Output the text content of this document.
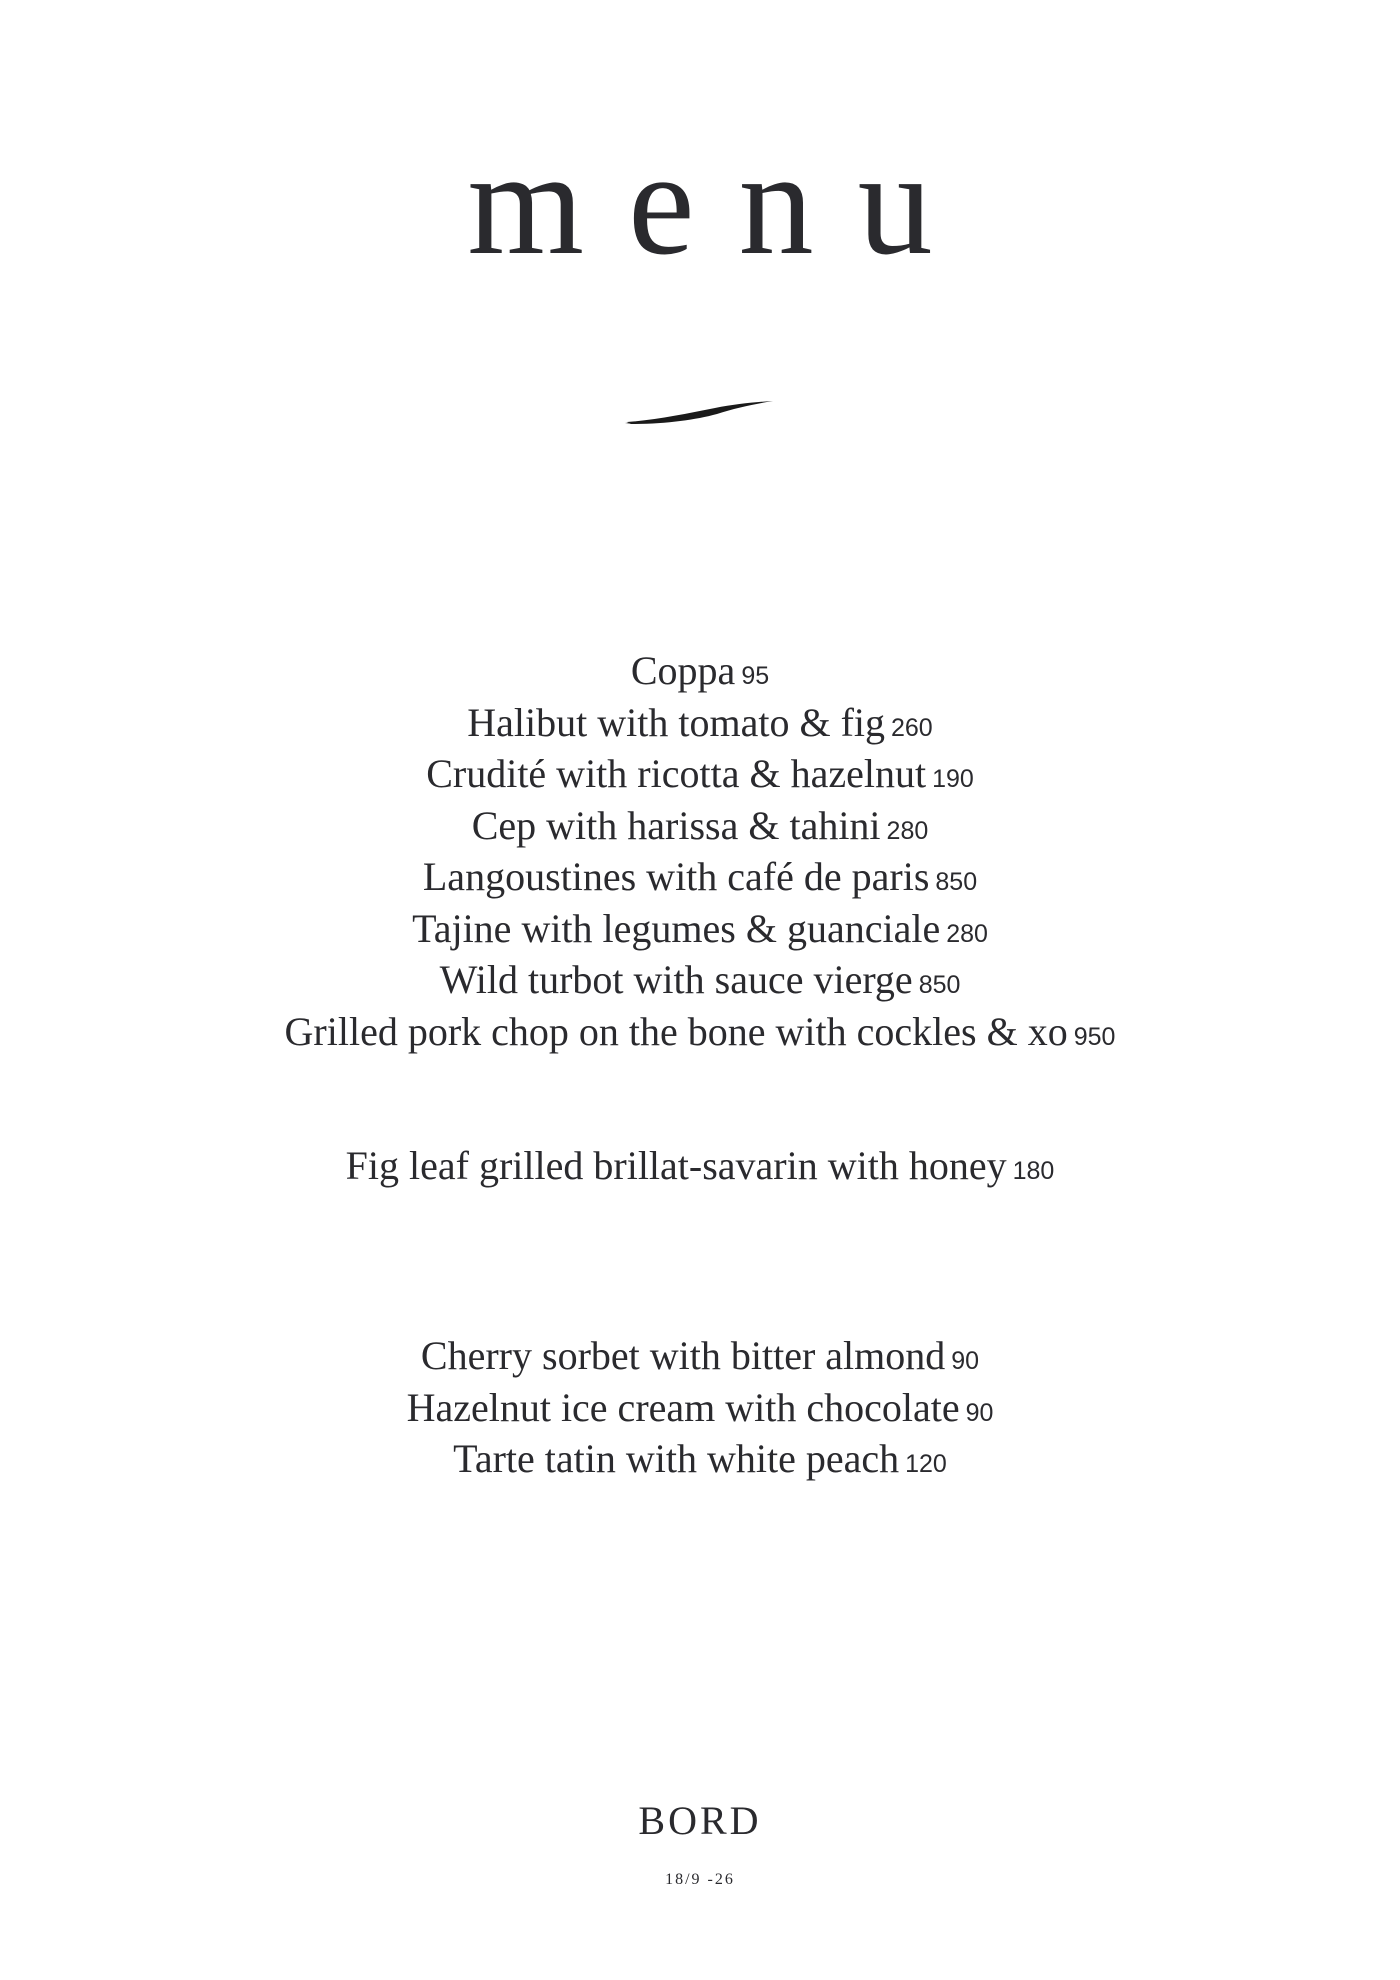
menu
Coppa 95
Halibut with tomato & fig 260
Crudité with ricotta & hazelnut 190
Cep with harissa & tahini 280
Langoustines with café de paris 850
Tajine with legumes & guanciale 280
Wild turbot with sauce vierge 850
Grilled pork chop on the bone with cockles & xo 950
Fig leaf grilled brillat-savarin with honey 180
Cherry sorbet with bitter almond 90
Hazelnut ice cream with chocolate 90
Tarte tatin with white peach 120
BORD
18/9 -26
